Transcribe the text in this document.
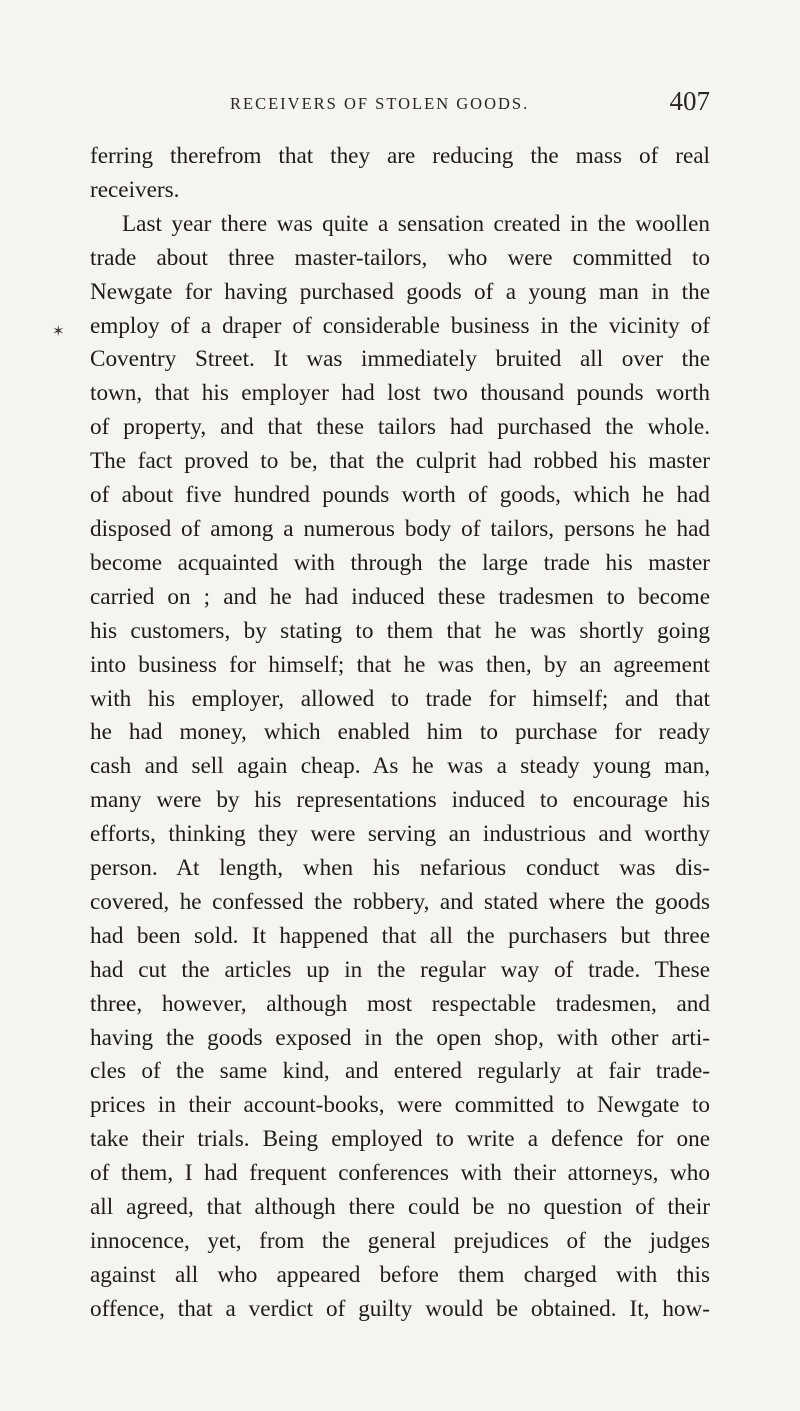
RECEIVERS OF STOLEN GOODS.	407
✶
ferring therefrom that they are reducing the mass of real
receivers.
Last year there was quite a sensation created in the woollen
trade about three master-tailors, who were committed to
Newgate for having purchased goods of a young man in the
employ of a draper of considerable business in the vicinity of
Coventry Street. It was immediately bruited all over the
town, that his employer had lost two thousand pounds worth
of property, and that these tailors had purchased the whole.
The fact proved to be, that the culprit had robbed his master
of about five hundred pounds worth of goods, which he had
disposed of among a numerous body of tailors, persons he had
become acquainted with through the large trade his master
carried on ; and he had induced these tradesmen to become
his customers, by stating to them that he was shortly going
into business for himself; that he was then, by an agreement
with his employer, allowed to trade for himself; and that
he had money, which enabled him to purchase for ready
cash and sell again cheap. As he was a steady young man,
many were by his representations induced to encourage his
efforts, thinking they were serving an industrious and worthy
person. At length, when his nefarious conduct was dis-
covered, he confessed the robbery, and stated where the goods
had been sold. It happened that all the purchasers but three
had cut the articles up in the regular way of trade. These
three, however, although most respectable tradesmen, and
having the goods exposed in the open shop, with other arti-
cles of the same kind, and entered regularly at fair trade-
prices in their account-books, were committed to Newgate to
take their trials. Being employed to write a defence for one
of them, I had frequent conferences with their attorneys, who
all agreed, that although there could be no question of their
innocence, yet, from the general prejudices of the judges
against all who appeared before them charged with this
offence, that a verdict of guilty would be obtained. It, how-
